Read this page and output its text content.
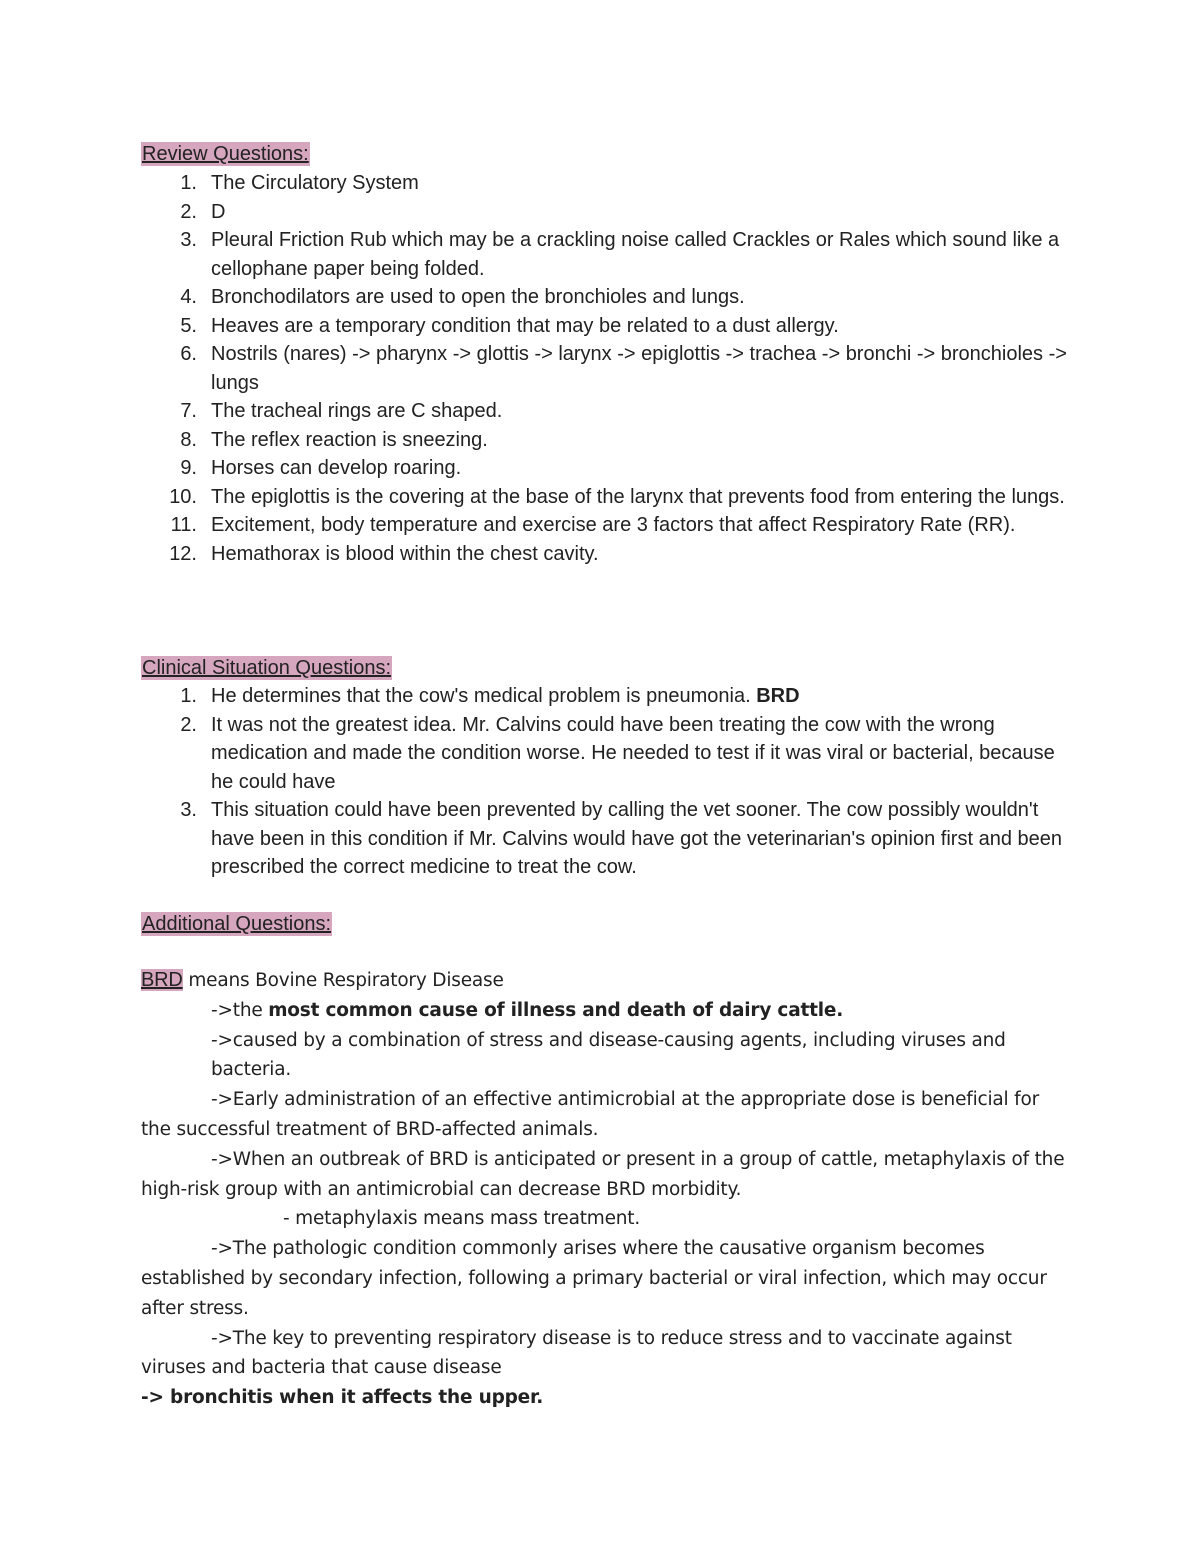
Review Questions:
1. The Circulatory System
2. D
3. Pleural Friction Rub which may be a crackling noise called Crackles or Rales which sound like a cellophane paper being folded.
4. Bronchodilators are used to open the bronchioles and lungs.
5. Heaves are a temporary condition that may be related to a dust allergy.
6. Nostrils (nares) -> pharynx -> glottis -> larynx -> epiglottis -> trachea -> bronchi -> bronchioles -> lungs
7. The tracheal rings are C shaped.
8. The reflex reaction is sneezing.
9. Horses can develop roaring.
10. The epiglottis is the covering at the base of the larynx that prevents food from entering the lungs.
11. Excitement, body temperature and exercise are 3 factors that affect Respiratory Rate (RR).
12. Hemathorax is blood within the chest cavity.
Clinical Situation Questions:
1. He determines that the cow's medical problem is pneumonia. BRD
2. It was not the greatest idea. Mr. Calvins could have been treating the cow with the wrong medication and made the condition worse. He needed to test if it was viral or bacterial, because he could have
3. This situation could have been prevented by calling the vet sooner. The cow possibly wouldn't have been in this condition if Mr. Calvins would have got the veterinarian's opinion first and been prescribed the correct medicine to treat the cow.
Additional Questions:

BRD means Bovine Respiratory Disease

->the most common cause of illness and death of dairy cattle.

->caused by a combination of stress and disease-causing agents, including viruses and bacteria.

->Early administration of an effective antimicrobial at the appropriate dose is beneficial for the successful treatment of BRD-affected animals.

->When an outbreak of BRD is anticipated or present in a group of cattle, metaphylaxis of the high-risk group with an antimicrobial can decrease BRD morbidity.

- metaphylaxis means mass treatment.

->The pathologic condition commonly arises where the causative organism becomes established by secondary infection, following a primary bacterial or viral infection, which may occur after stress.

->The key to preventing respiratory disease is to reduce stress and to vaccinate against viruses and bacteria that cause disease

-> bronchitis when it affects the upper.
